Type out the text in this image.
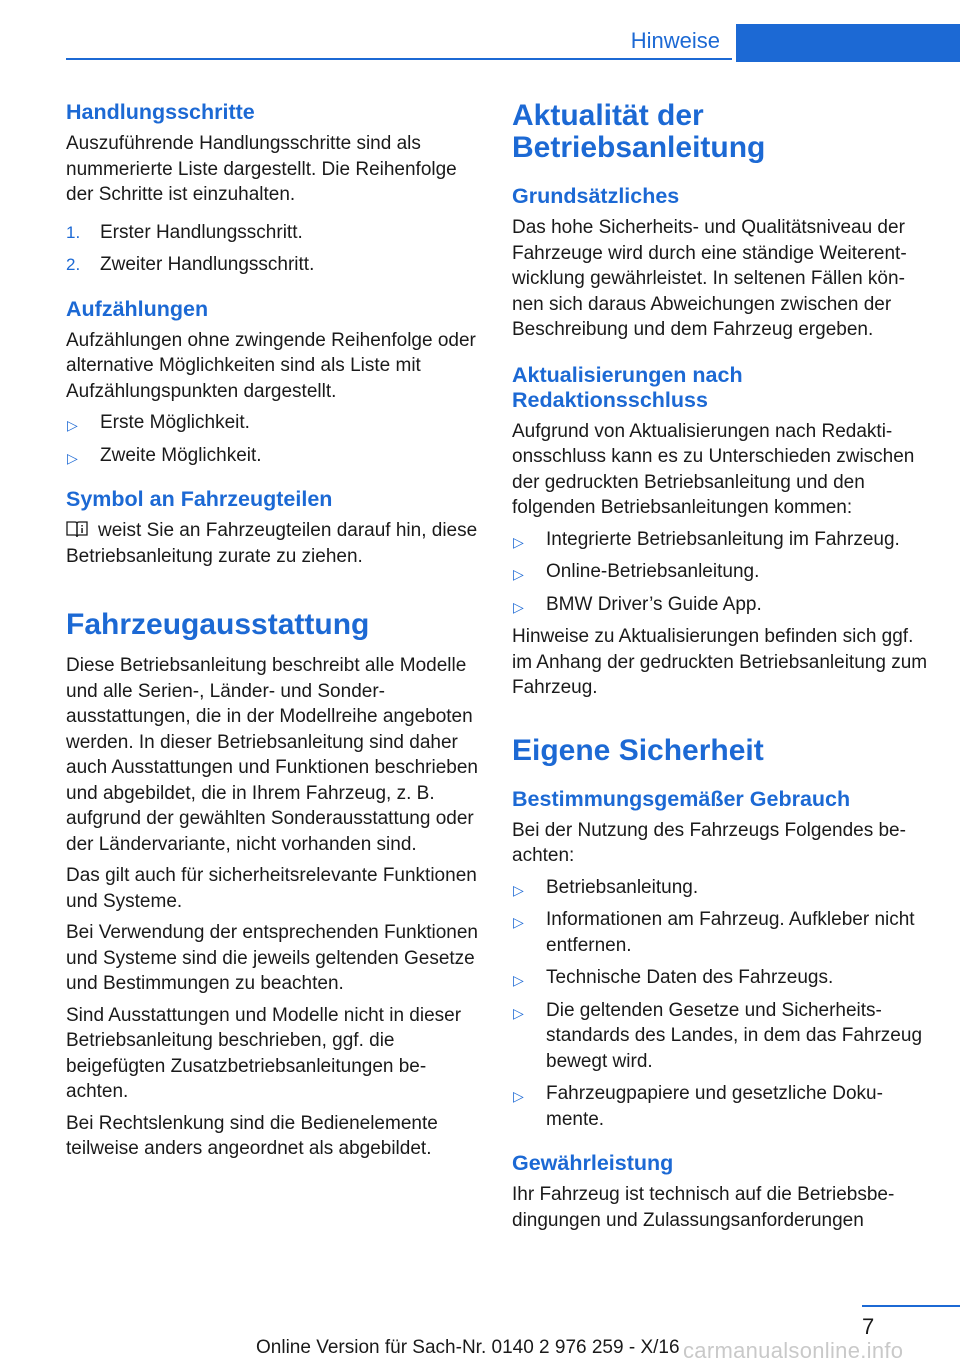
Hinweise
Handlungsschritte

Auszuführende Handlungsschritte sind als nummerierte Liste dargestellt. Die Reihenfolge der Schritte ist einzuhalten.

1. Erster Handlungsschritt.
2. Zweiter Handlungsschritt.
Aufzählungen

Aufzählungen ohne zwingende Reihenfolge oder alternative Möglichkeiten sind als Liste mit Aufzählungspunkten dargestellt.

▷ Erste Möglichkeit.
▷ Zweite Möglichkeit.
Symbol an Fahrzeugteilen

weist Sie an Fahrzeugteilen darauf hin, diese Betriebsanleitung zurate zu ziehen.

Fahrzeugausstattung

Diese Betriebsanleitung beschreibt alle Modelle und alle Serien-, Länder- und Sonderausstattungen, die in der Modellreihe angeboten werden. In dieser Betriebsanleitung sind daher auch Ausstattungen und Funktionen beschrieben und abgebildet, die in Ihrem Fahrzeug, z. B. aufgrund der gewählten Sonderausstattung oder der Ländervariante, nicht vorhanden sind.

Das gilt auch für sicherheitsrelevante Funktionen und Systeme.

Bei Verwendung der entsprechenden Funktionen und Systeme sind die jeweils geltenden Gesetze und Bestimmungen zu beachten.

Sind Ausstattungen und Modelle nicht in dieser Betriebsanleitung beschrieben, ggf. die beigefügten Zusatzbetriebsanleitungen beachten.

Bei Rechtslenkung sind die Bedienelemente teilweise anders angeordnet als abgebildet.

Aktualität der Betriebsanleitung
Grundsätzliches

Das hohe Sicherheits- und Qualitätsniveau der Fahrzeuge wird durch eine ständige Weiterentwicklung gewährleistet. In seltenen Fällen können sich daraus Abweichungen zwischen der Beschreibung und dem Fahrzeug ergeben.

Aktualisierungen nach Redaktionsschluss

Aufgrund von Aktualisierungen nach Redaktionsschluss kann es zu Unterschieden zwischen der gedruckten Betriebsanleitung und den folgenden Betriebsanleitungen kommen:

▷ Integrierte Betriebsanleitung im Fahrzeug.
▷ Online-Betriebsanleitung.
▷ BMW Driver’s Guide App.

Hinweise zu Aktualisierungen befinden sich ggf. im Anhang der gedruckten Betriebsanleitung zum Fahrzeug.

Eigene Sicherheit
Bestimmungsgemäßer Gebrauch

Bei der Nutzung des Fahrzeugs Folgendes beachten:

▷ Betriebsanleitung.
▷ Informationen am Fahrzeug. Aufkleber nicht entfernen.
▷ Technische Daten des Fahrzeugs.
▷ Die geltenden Gesetze und Sicherheitsstandards des Landes, in dem das Fahrzeug bewegt wird.
▷ Fahrzeugpapiere und gesetzliche Dokumente.
Gewährleistung

Ihr Fahrzeug ist technisch auf die Betriebsbedingungen und Zulassungsanforderungen

7
Online Version für Sach-Nr. 0140 2 976 259 - X/16 carmanualsonline.info
